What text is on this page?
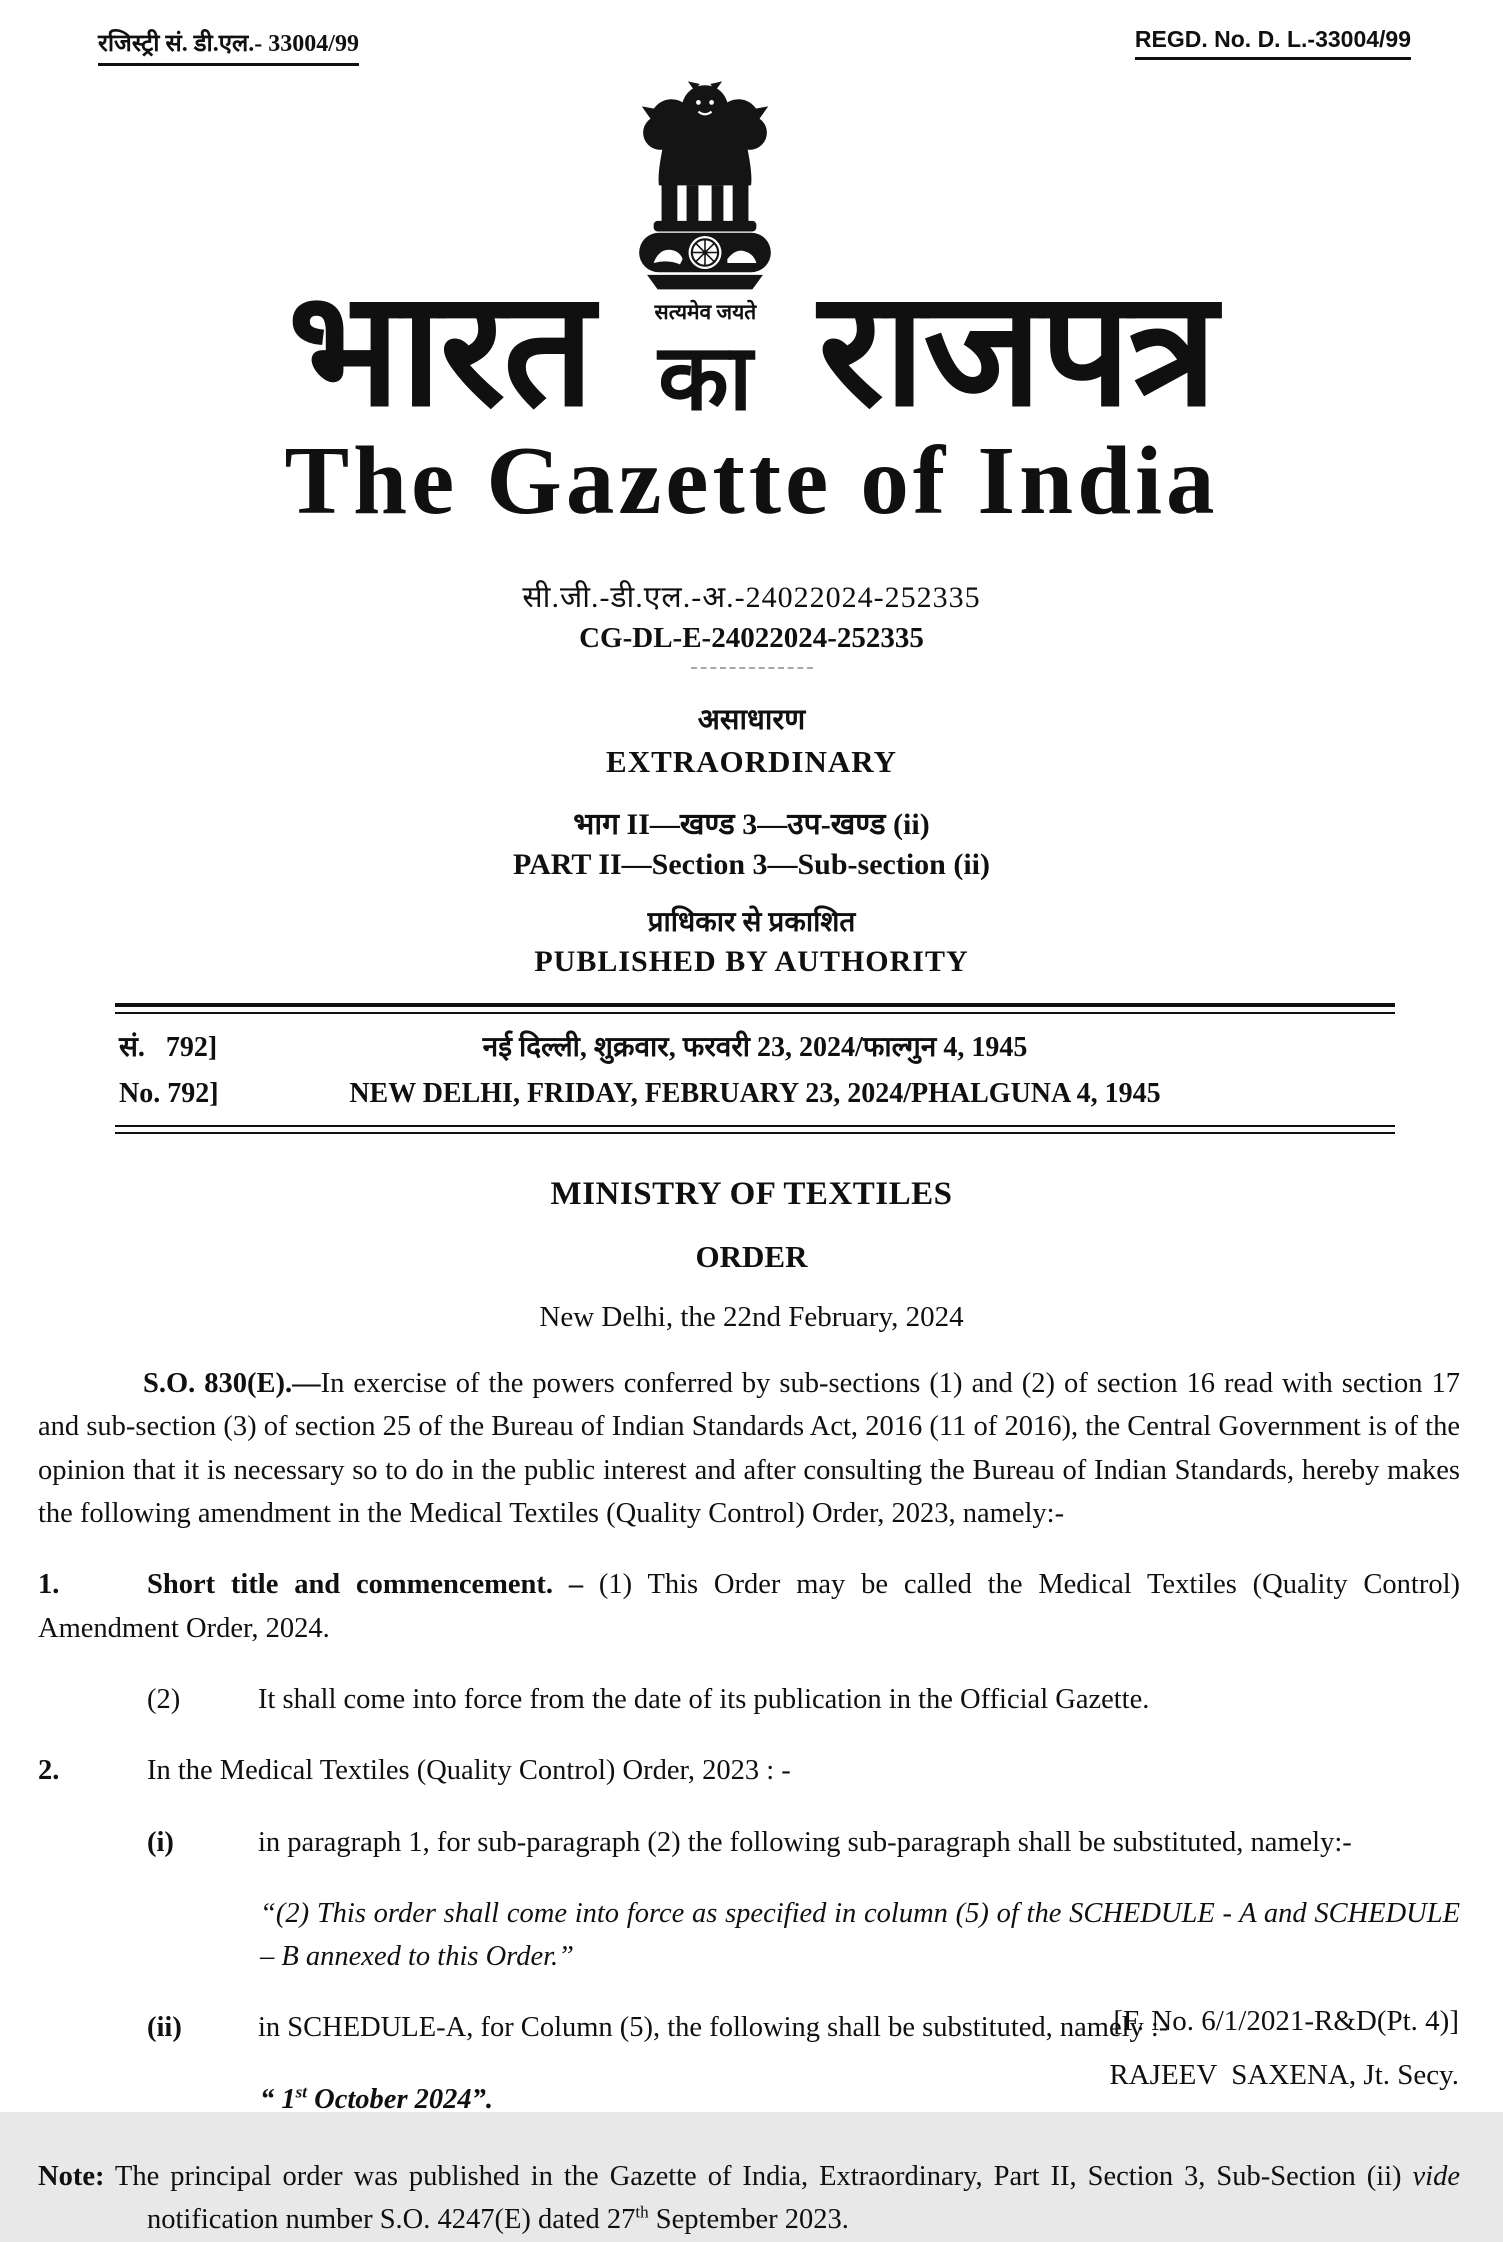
रजिस्ट्री सं. डी.एल.- 33004/99	REGD. No. D. L.-33004/99
भारत	सत्यमेव जयते
का राजपत्र
The Gazette of India
सी.जी.-डी.एल.-अ.-24022024-252335
CG-DL-E-24022024-252335
असाधारण
EXTRAORDINARY
भाग II—खण्ड 3—उप-खण्ड (ii)
PART II—Section 3—Sub-section (ii)
प्राधिकार से प्रकाशित
PUBLISHED BY AUTHORITY
सं.   792]	नई दिल्ली, शुक्रवार, फरवरी 23, 2024/फाल्गुन 4, 1945
No. 792]	NEW DELHI, FRIDAY, FEBRUARY 23, 2024/PHALGUNA 4, 1945
MINISTRY OF TEXTILES
ORDER
New Delhi, the 22nd February, 2024

S.O. 830(E).—In exercise of the powers conferred by sub-sections (1) and (2) of section 16 read with section 17 and sub-section (3) of section 25 of the Bureau of Indian Standards Act, 2016 (11 of 2016), the Central Government is of the opinion that it is necessary so to do in the public interest and after consulting the Bureau of Indian Standards, hereby makes the following amendment in the Medical Textiles (Quality Control) Order, 2023, namely:-

1.	Short title and commencement. – (1) This Order may be called the Medical Textiles (Quality Control) Amendment Order, 2024.

(2)	It shall come into force from the date of its publication in the Official Gazette.

2.	In the Medical Textiles (Quality Control) Order, 2023 : -

(i)	in paragraph 1, for sub-paragraph (2) the following sub-paragraph shall be substituted, namely:-

“(2) This order shall come into force as specified in column (5) of the SCHEDULE - A and SCHEDULE – B annexed to this Order.”

(ii)	in SCHEDULE-A, for Column (5), the following shall be substituted, namely :-

“ 1st October 2024”.

Note: The principal order was published in the Gazette of India, Extraordinary, Part II, Section 3, Sub-Section (ii) vide notification number S.O. 4247(E) dated 27th September 2023.

[F. No. 6/1/2021-R&D(Pt. 4)]
RAJEEV  SAXENA, Jt. Secy.
